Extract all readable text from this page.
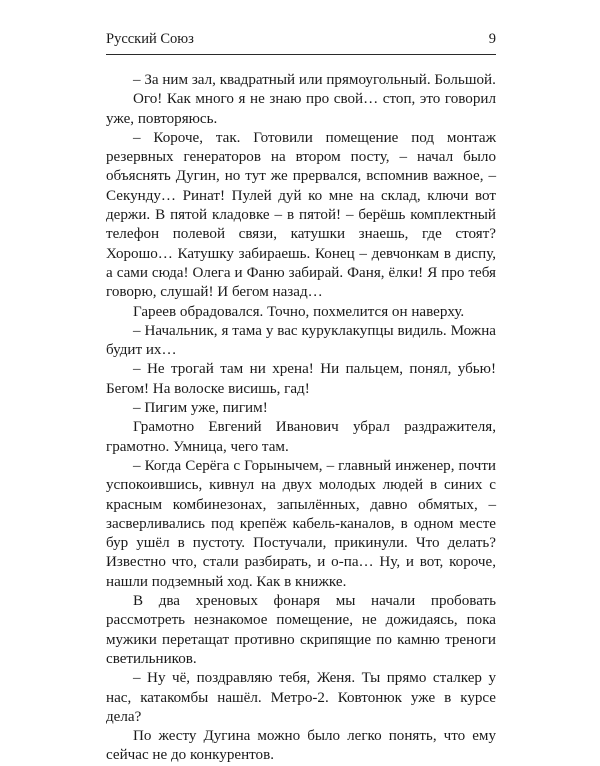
Русский Союз	9

– За ним зал, квадратный или прямоугольный. Большой.

Ого! Как много я не знаю про свой… стоп, это говорил уже, повторяюсь.

– Короче, так. Готовили помещение под монтаж резервных генераторов на втором посту, – начал было объяснять Дугин, но тут же прервался, вспомнив важное, – Секунду… Ринат! Пулей дуй ко мне на склад, ключи вот держи. В пятой кладовке – в пятой! – берёшь комплектный телефон полевой связи, катушки знаешь, где стоят? Хорошо… Катушку забираешь. Конец – девчонкам в диспу, а сами сюда! Олега и Фаню забирай. Фаня, ёлки! Я про тебя говорю, слушай! И бегом назад…

Гареев обрадовался. Точно, похмелится он наверху.

– Начальник, я тама у вас куруклакупцы видиль. Можна будит их…

– Не трогай там ни хрена! Ни пальцем, понял, убью! Бегом! На волоске висишь, гад!

– Пигим уже, пигим!

Грамотно Евгений Иванович убрал раздражителя, грамотно. Умница, чего там.

– Когда Серёга с Горынычем, – главный инженер, почти успокоившись, кивнул на двух молодых людей в синих с красным комбинезонах, запылённых, давно обмятых, – засверливались под крепёж кабель-каналов, в одном месте бур ушёл в пустоту. Постучали, прикинули. Что делать? Известно что, стали разбирать, и о-па… Ну, и вот, короче, нашли подземный ход. Как в книжке.

В два хреновых фонаря мы начали пробовать рассмотреть незнакомое помещение, не дожидаясь, пока мужики перетащат противно скрипящие по камню треноги светильников.

– Ну чё, поздравляю тебя, Женя. Ты прямо сталкер у нас, катакомбы нашёл. Метро-2. Ковтонюк уже в курсе дела?

По жесту Дугина можно было легко понять, что ему сейчас не до конкурентов.
